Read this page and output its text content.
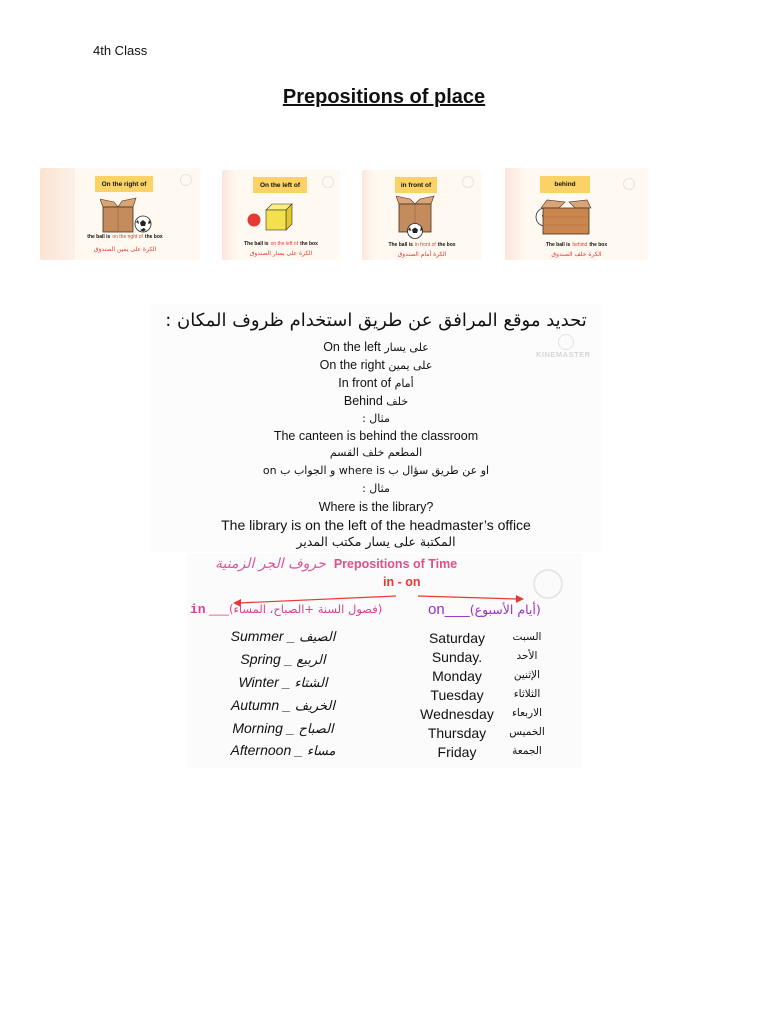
4th Class
Prepositions of place
On the right of
the ball is on the right of the box
الكرة على يمين الصندوق
On the left of
The ball is on the left of the box
الكرة على يسار الصندوق
in front of
The ball is in front of the box
الكرة أمام الصندوق
behind
The ball is behind the box
الكرة خلف الصندوق
تحديد موقع المرافق عن طريق استخدام ظروف المكان :
KINEMASTER
On the left على يسار
On the right على يمين
In front of أمام
Behind خلف
مثال :
The canteen is behind the classroom
المطعم خلف القسم
او عن طريق سؤال ب where is و الجواب ب on
مثال :
Where is the library?
The library is on the left of the headmaster’s office
المكتبة على يسار مكتب المدير
حروف الجر الزمنية Prepositions of Time
in - on
in ___(فصول السنة +الصباح، المساء)	on___(أيام الأسبوع)
Summer _ الصيف
Spring _ الربيع
Winter _ الشتاء
Autumn _ الخريف
Morning _ الصباح
Afternoon _ مساء
Saturday	السبت
Sunday.	الأحد
Monday	الإثنين
Tuesday	الثلاثاء
Wednesday	الاربعاء
Thursday	الخميس
Friday	الجمعة
